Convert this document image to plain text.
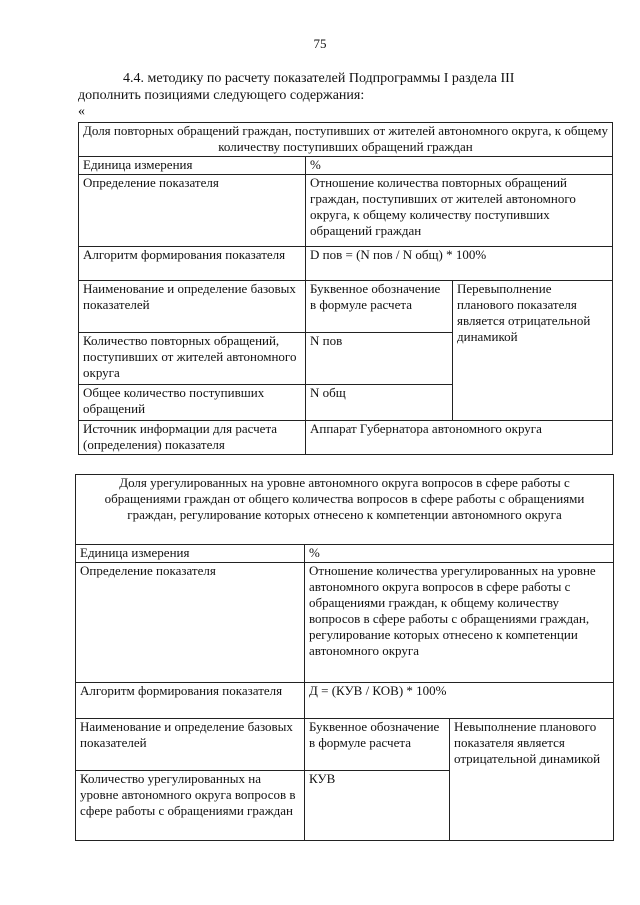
75
4.4. методику по расчету показателей Подпрограммы I раздела III
дополнить позициями следующего содержания:
«
Доля повторных обращений граждан, поступивших от жителей автономного округа, к общему количеству поступивших обращений граждан		
Единица измерения	%	
Определение показателя	Отношение количества повторных обращений граждан, поступивших от жителей автономного округа, к общему количеству поступивших обращений граждан	
Алгоритм формирования показателя	D пов = (N пов / N общ) * 100%	
Наименование и определение базовых показателей	Буквенное обозначение в формуле расчета	Перевыполнение планового показателя является отрицательной динамикой
Количество повторных обращений, поступивших от жителей автономного округа	N пов	
Общее количество поступивших обращений	N общ	
Источник информации для расчета (определения) показателя	Аппарат Губернатора автономного округа	
Доля урегулированных на уровне автономного округа вопросов в сфере работы с обращениями граждан от общего количества вопросов в сфере работы с обращениями граждан, регулирование которых отнесено к компетенции автономного округа		
Единица измерения	%	
Определение показателя	Отношение количества урегулированных на уровне автономного округа вопросов в сфере работы с обращениями граждан, к общему количеству вопросов в сфере работы с обращениями граждан, регулирование которых отнесено к компетенции автономного округа	
Алгоритм формирования показателя	Д = (КУВ / КОВ) * 100%	
Наименование и определение базовых показателей	Буквенное обозначение в формуле расчета	Невыполнение планового показателя является отрицательной динамикой
Количество урегулированных на уровне автономного округа вопросов в сфере работы с обращениями граждан	КУВ	
